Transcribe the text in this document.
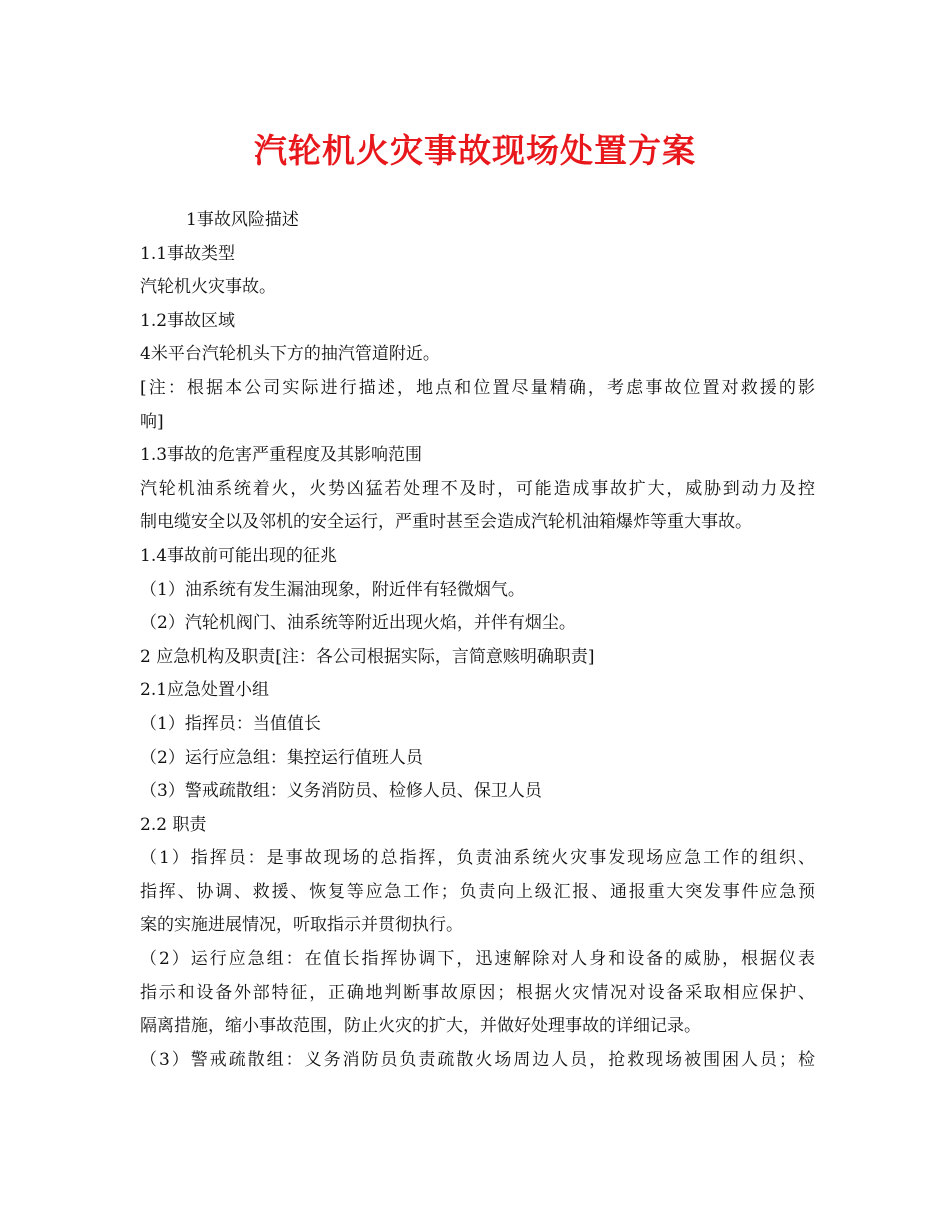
汽轮机火灾事故现场处置方案
1事故风险描述
1.1事故类型
汽轮机火灾事故。
1.2事故区域
4米平台汽轮机头下方的抽汽管道附近。
[注：根据本公司实际进行描述，地点和位置尽量精确，考虑事故位置对救援的影
响]
1.3事故的危害严重程度及其影响范围
汽轮机油系统着火，火势凶猛若处理不及时，可能造成事故扩大，威胁到动力及控
制电缆安全以及邻机的安全运行，严重时甚至会造成汽轮机油箱爆炸等重大事故。
1.4事故前可能出现的征兆
（1）油系统有发生漏油现象，附近伴有轻微烟气。
（2）汽轮机阀门、油系统等附近出现火焰，并伴有烟尘。
2 应急机构及职责[注：各公司根据实际，言简意赅明确职责]
2.1应急处置小组
（1）指挥员：当值值长
（2）运行应急组：集控运行值班人员
（3）警戒疏散组：义务消防员、检修人员、保卫人员
2.2 职责
（1）指挥员：是事故现场的总指挥，负责油系统火灾事发现场应急工作的组织、
指挥、协调、救援、恢复等应急工作；负责向上级汇报、通报重大突发事件应急预
案的实施进展情况，听取指示并贯彻执行。
（2）运行应急组：在值长指挥协调下，迅速解除对人身和设备的威胁，根据仪表
指示和设备外部特征，正确地判断事故原因；根据火灾情况对设备采取相应保护、
隔离措施，缩小事故范围，防止火灾的扩大，并做好处理事故的详细记录。
（3）警戒疏散组：义务消防员负责疏散火场周边人员，抢救现场被围困人员；检
